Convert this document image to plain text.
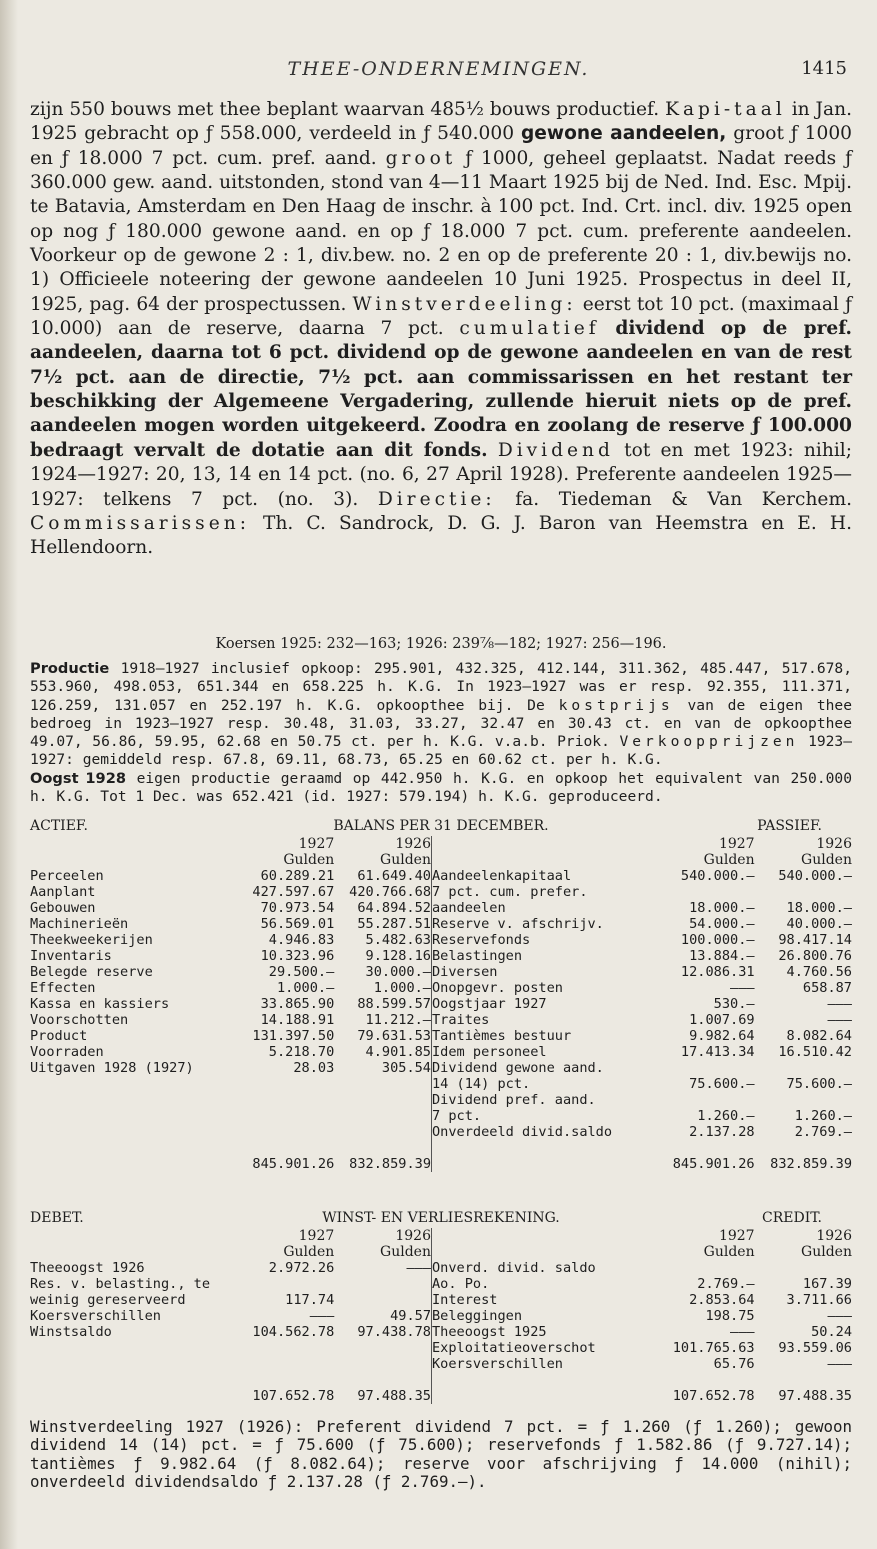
THEE-ONDERNEMINGEN.	1415

zijn 550 bouws met thee beplant waarvan 485½ bouws productief. Kapi-taal in Jan. 1925 gebracht op ƒ 558.000, verdeeld in ƒ 540.000 gewone aandeelen, groot ƒ 1000 en ƒ 18.000 7 pct. cum. pref. aand. groot ƒ 1000, geheel geplaatst. Nadat reeds ƒ 360.000 gew. aand. uitstonden, stond van 4—11 Maart 1925 bij de Ned. Ind. Esc. Mpij. te Batavia, Amsterdam en Den Haag de inschr. à 100 pct. Ind. Crt. incl. div. 1925 open op nog ƒ 180.000 gewone aand. en op ƒ 18.000 7 pct. cum. preferente aandeelen. Voorkeur op de gewone 2 : 1, div.bew. no. 2 en op de preferente 20 : 1, div.bewijs no. 1) Officieele noteering der gewone aandeelen 10 Juni 1925. Prospectus in deel II, 1925, pag. 64 der prospectussen. Winstverdeeling: eerst tot 10 pct. (maximaal ƒ 10.000) aan de reserve, daarna 7 pct. cumulatief dividend op de pref. aandeelen, daarna tot 6 pct. dividend op de gewone aandeelen en van de rest 7½ pct. aan de directie, 7½ pct. aan commissarissen en het restant ter beschikking der Algemeene Vergadering, zullende hieruit niets op de pref. aandeelen mogen worden uitgekeerd. Zoodra en zoolang de reserve ƒ 100.000 bedraagt vervalt de dotatie aan dit fonds. Dividend tot en met 1923: nihil; 1924—1927: 20, 13, 14 en 14 pct. (no. 6, 27 April 1928). Preferente aandeelen 1925—1927: telkens 7 pct. (no. 3). Directie: fa. Tiedeman & Van Kerchem. Commissarissen: Th. C. Sandrock, D. G. J. Baron van Heemstra en E. H. Hellendoorn.

Koersen 1925: 232—163; 1926: 239⅞—182; 1927: 256—196.

Productie 1918—1927 inclusief opkoop: 295.901, 432.325, 412.144, 311.362, 485.447, 517.678, 553.960, 498.053, 651.344 en 658.225 h. K.G. In 1923—1927 was er resp. 92.355, 111.371, 126.259, 131.057 en 252.197 h. K.G. opkoopthee bij. De kostprijs van de eigen thee bedroeg in 1923—1927 resp. 30.48, 31.03, 33.27, 32.47 en 30.43 ct. en van de opkoopthee 49.07, 56.86, 59.95, 62.68 en 50.75 ct. per h. K.G. v.a.b. Priok. Verkoopprijzen 1923—1927: gemiddeld resp. 67.8, 69.11, 68.73, 65.25 en 60.62 ct. per h. K.G.

Oogst 1928 eigen productie geraamd op 442.950 h. K.G. en opkoop het equivalent van 250.000 h. K.G. Tot 1 Dec. was 652.421 (id. 1927: 579.194) h. K.G. geproduceerd.

ACTIEF.	BALANS PER 31 DECEMBER.	PASSIEF.
	1927	1926
	Gulden	Gulden
Perceelen	60.289.21	61.649.40
Aanplant	427.597.67	420.766.68
Gebouwen	70.973.54	64.894.52
Machinerieën	56.569.01	55.287.51
Theekweekerijen	4.946.83	5.482.63
Inventaris	10.323.96	9.128.16
Belegde reserve	29.500.—	30.000.—
Effecten	1.000.—	1.000.—
Kassa en kassiers	33.865.90	88.599.57
Voorschotten	14.188.91	11.212.—
Product	131.397.50	79.631.53
Voorraden	5.218.70	4.901.85
Uitgaven 1928 (1927)	28.03	305.54

	845.901.26	832.859.39
	1927	1926
	Gulden	Gulden
Aandeelenkapitaal	540.000.—	540.000.—
7 pct. cum. prefer.		
aandeelen	18.000.—	18.000.—
Reserve v. afschrijv.	54.000.—	40.000.—
Reservefonds	100.000.—	98.417.14
Belastingen	13.884.—	26.800.76
Diversen	12.086.31	4.760.56
Onopgevr. posten	———	658.87
Oogstjaar 1927	530.—	———
Traites	1.007.69	———
Tantièmes bestuur	9.982.64	8.082.64
Idem personeel	17.413.34	16.510.42
Dividend gewone aand.		
14 (14) pct.	75.600.—	75.600.—
Dividend pref. aand.		
7 pct.	1.260.—	1.260.—
Onverdeeld divid.saldo	2.137.28	2.769.—

	845.901.26	832.859.39
DEBET.	WINST- EN VERLIESREKENING.	CREDIT.
	1927	1926
	Gulden	Gulden
Theeoogst 1926	2.972.26	———
Res. v. belasting., te		
weinig gereserveerd	117.74	
Koersverschillen	———	49.57
Winstsaldo	104.562.78	97.438.78

	107.652.78	97.488.35
	1927	1926
	Gulden	Gulden
Onverd. divid. saldo		
Ao. Po.	2.769.—	167.39
Interest	2.853.64	3.711.66
Beleggingen	198.75	———
Theeoogst 1925	———	50.24
Exploitatieoverschot	101.765.63	93.559.06
Koersverschillen	65.76	———

	107.652.78	97.488.35

Winstverdeeling 1927 (1926): Preferent dividend 7 pct. = ƒ 1.260 (ƒ 1.260); gewoon dividend 14 (14) pct. = ƒ 75.600 (ƒ 75.600); reservefonds ƒ 1.582.86 (ƒ 9.727.14); tantièmes ƒ 9.982.64 (ƒ 8.082.64); reserve voor afschrijving ƒ 14.000 (nihil); onverdeeld dividendsaldo ƒ 2.137.28 (ƒ 2.769.—).
